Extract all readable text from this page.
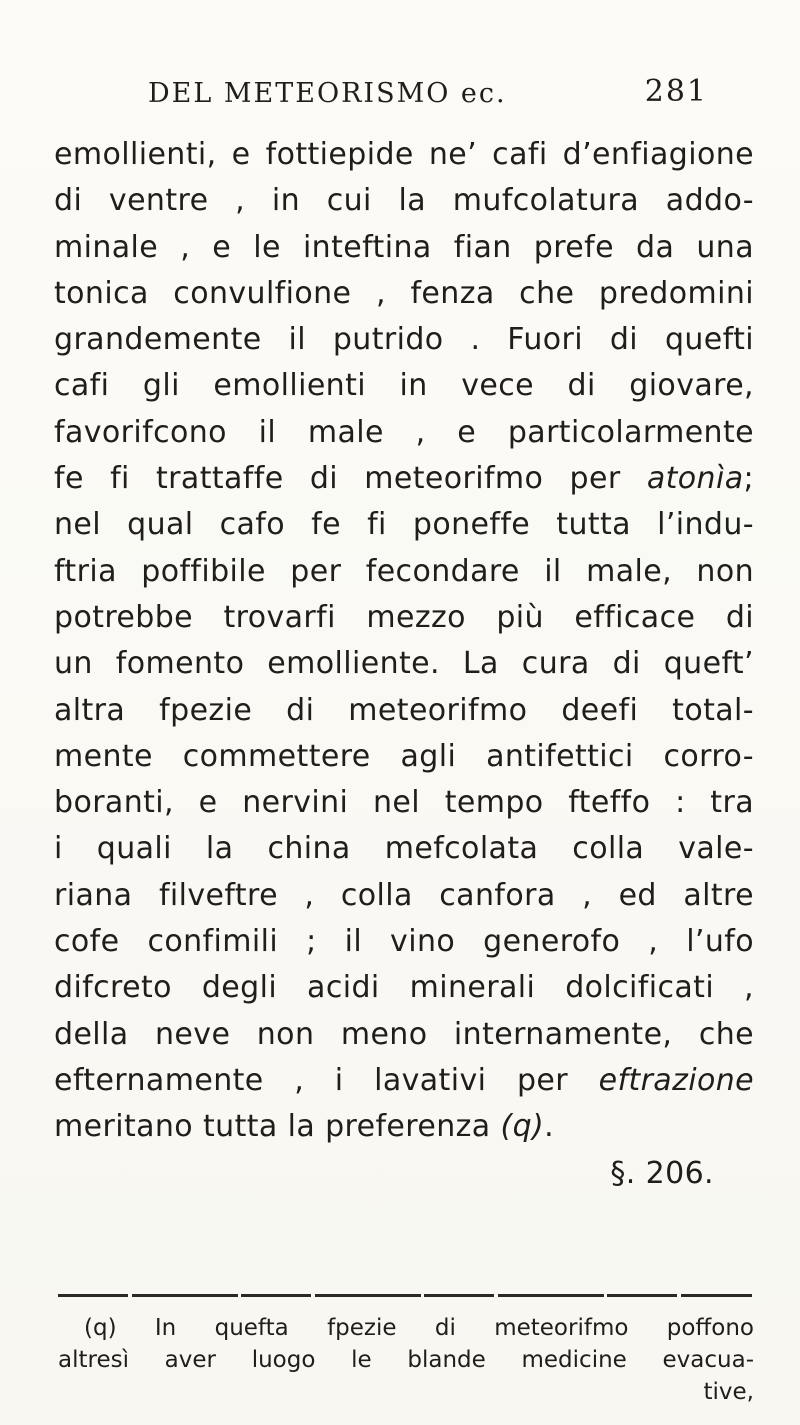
DEL METEORISMO ec.	281
emollienti, e fottiepide ne’ cafi d’enfiagione
di ventre , in cui la mufcolatura addo-
minale , e le inteftina fian prefe da una
tonica convulfione , fenza che predomini
grandemente il putrido . Fuori di quefti
cafi gli emollienti in vece di giovare,
favorifcono il male , e particolarmente
fe fi trattaffe di meteorifmo per atonìa;
nel qual cafo fe fi poneffe tutta l’indu-
ftria poffibile per fecondare il male, non
potrebbe trovarfi mezzo più efficace di
un fomento emolliente. La cura di queft’
altra fpezie di meteorifmo deefi total-
mente commettere agli antifettici corro-
boranti, e nervini nel tempo fteffo : tra
i quali la china mefcolata colla vale-
riana filveftre , colla canfora , ed altre
cofe confimili ; il vino generofo , l’ufo
difcreto degli acidi minerali dolcificati ,
della neve non meno internamente, che
efternamente , i lavativi per eftrazione
meritano tutta la preferenza (q).
§. 206.
(q) In quefta fpezie di meteorifmo poffono
altresì aver luogo le blande medicine evacua-
tive,
